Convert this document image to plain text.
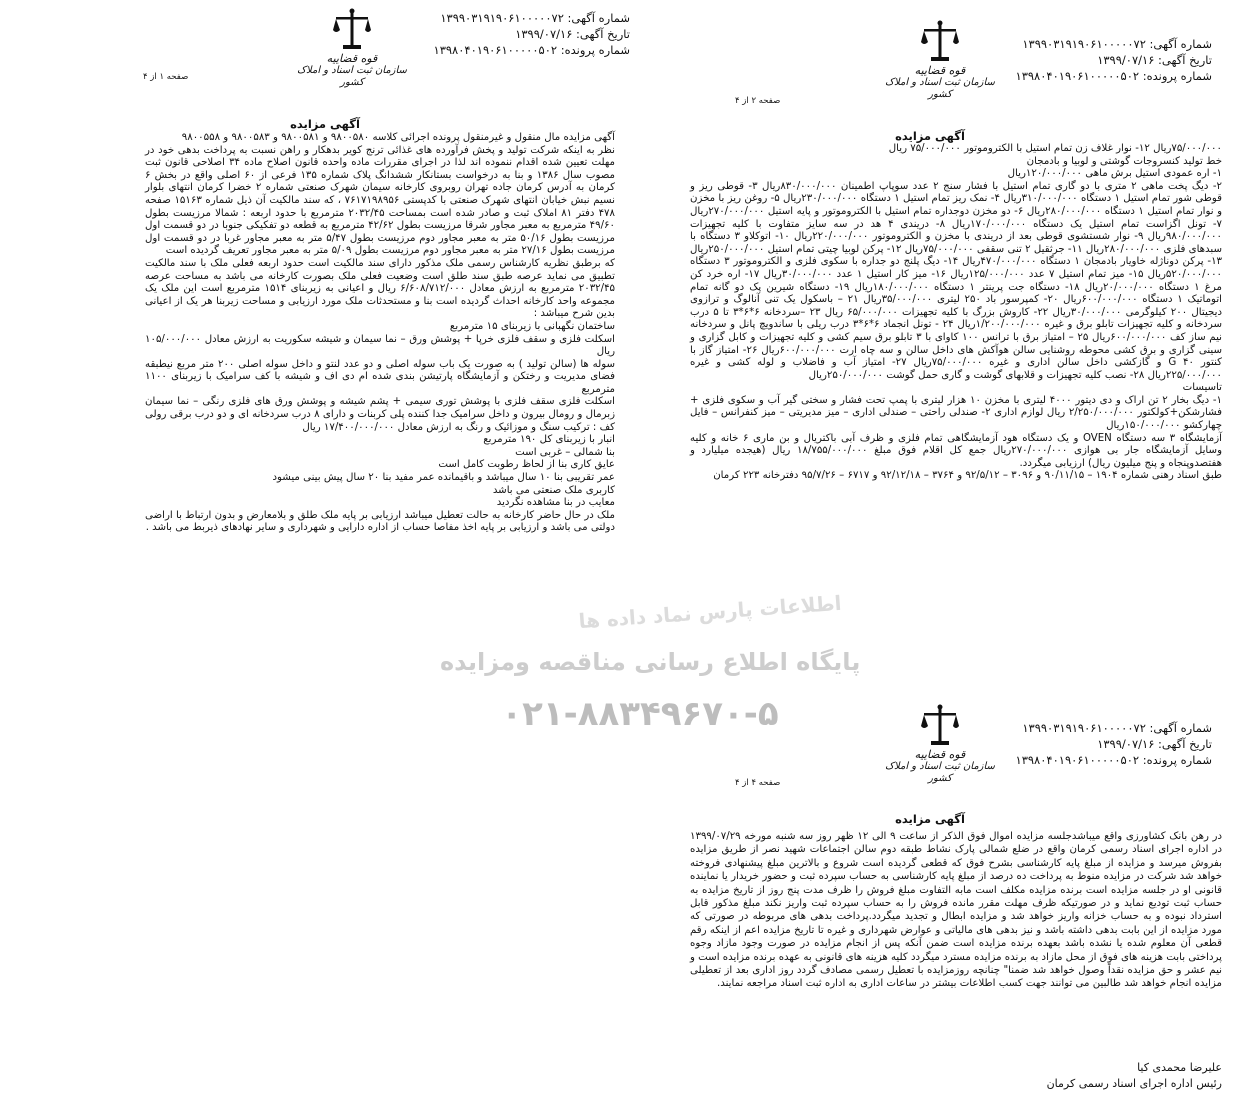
شماره آگهی: ۱۳۹۹۰۳۱۹۱۹۰۶۱۰۰۰۰۰۷۲
تاریخ آگهی: ۱۳۹۹/۰۷/۱۶
شماره پرونده: ۱۳۹۸۰۴۰۱۹۰۶۱۰۰۰۰۰۵۰۲
قوه قضاییه
سازمان ثبت اسناد و املاک کشور
صفحه ۱ از ۴
آگهی مزایده

آگهی مزایده مال منقول و غیرمنقول پرونده اجرائی کلاسه ۹۸۰۰۵۸۰ و ۹۸۰۰۵۸۱ و ۹۸۰۰۵۸۳ و ۹۸۰۰۵۵۸

نظر به اینکه شرکت تولید و پخش فرآورده های غذائی ترنج کویر بدهکار و راهن نسبت به پرداخت بدهی خود در مهلت تعیین شده اقدام ننموده اند لذا در اجرای مقررات ماده واحده قانون اصلاح ماده ۳۴ اصلاحی قانون ثبت مصوب سال ۱۳۸۶ و بنا به درخواست بستانکار ششدانگ پلاک شماره ۱۳۵ فرعی از ۶۰ اصلی واقع در بخش ۶ کرمان به آدرس کرمان جاده تهران روبروی کارخانه سیمان شهرک صنعتی شماره ۲ خضرا کرمان انتهای بلوار نسیم نبش خیابان انتهای شهرک صنعتی با کدپستی ۷۶۱۷۱۹۸۹۵۶ ، که سند مالکیت آن ذیل شماره ۱۵۱۶۳ صفحه ۴۷۸ دفتر ۸۱ املاک ثبت و صادر شده است بمساحت ۲۰۳۲/۴۵ مترمربع با حدود اربعه : شمالا مرزیست بطول ۴۹/۶۰ مترمربع به معبر مجاور شرقا مرزیست بطول ۴۲/۶۲ مترمربع به قطعه دو تفکیکی جنوبا در دو قسمت اول مرزیست بطول ۵۰/۱۶ متر به معبر مجاور دوم مرزیست بطول ۵/۴۷ متر به معبر مجاور غربا در دو قسمت اول مرزیست بطول ۲۷/۱۶ متر به معبر مجاور دوم مرزیست بطول ۵/۰۹ متر به معبر مجاور تعریف گردیده است

که برطبق نظریه کارشناس رسمی ملک مذکور دارای سند مالکیت است حدود اربعه فعلی ملک با سند مالکیت تطبیق می نماید عرصه طبق سند طلق است وضعیت فعلی ملک بصورت کارخانه می باشد به مساحت عرصه ۲۰۳۲/۴۵ مترمربع به ارزش معادل ۶/۶۰۸/۷۱۲/۰۰۰ ریال و اعیانی به زیربنای ۱۵۱۴ مترمربع است این ملک یک مجموعه واحد کارخانه احداث گردیده است بنا و مستحدثات ملک مورد ارزیابی و مساحت زیربنا هر یک از اعیانی بدین شرح میباشد :

ساختمان نگهبانی با زیربنای ۱۵ مترمربع

اسکلت فلزی و سقف فلزی خرپا + پوشش ورق – نما سیمان و شیشه سکوریت به ارزش معادل ۱۰۵/۰۰۰/۰۰۰ ریال

سوله ها (سالن تولید ) به صورت یک باب سوله اصلی و دو عدد لنتو و داخل سوله اصلی ۲۰۰ متر مربع نیطبقه فضای مدیریت و رختکن و آزمایشگاه پارتیشن بندی شده ام دی اف و شیشه با کف سرامیک با زیربنای ۱۱۰۰ مترمربع

اسکلت فلزی سقف فلزی با پوشش توری سیمی + پشم شیشه و پوشش ورق های فلزی رنگی – نما سیمان زبرمال و رومال بیرون و داخل سرامیک جدا کننده پلی کربنات و دارای ۸ درب سردخانه ای و دو درب برقی رولی کف : ترکیب سنگ و موزائیک و رنگ به ارزش معادل ۱۷/۴۰۰/۰۰۰/۰۰۰ ریال

انبار با زیربنای کل ۱۹۰ مترمربع

بنا شمالی – غربی است

عایق کاری بنا از لحاظ رطوبت کامل است

عمر تقریبی بنا ۱۰ سال میباشد و باقیمانده عمر مفید بنا ۲۰ سال پیش بینی میشود

کاربری ملک صنعتی می باشد

معایب در بنا مشاهده نگردید

ملک در حال حاضر کارخانه به حالت تعطیل میباشد ارزیابی بر پایه ملک طلق و بلامعارض و بدون ارتباط با اراضی دولتی می باشد و ارزیابی بر پایه اخذ مفاصا حساب از اداره دارایی و شهرداری و سایر نهادهای ذیربط می باشد .

شماره آگهی: ۱۳۹۹۰۳۱۹۱۹۰۶۱۰۰۰۰۰۷۲
تاریخ آگهی: ۱۳۹۹/۰۷/۱۶
شماره پرونده: ۱۳۹۸۰۴۰۱۹۰۶۱۰۰۰۰۰۵۰۲
قوه قضاییه
سازمان ثبت اسناد و املاک کشور
صفحه ۲ از ۴
آگهی مزایده

۷۵/۰۰۰/۰۰۰ریال ۱۲- نوار غلاف زن تمام استیل با الکتروموتور ۷۵/۰۰۰/۰۰۰ ریال

خط تولید کنسروجات گوشتی و لوبیا و بادمجان

۱- اره عمودی استیل برش ماهی ۱۲۰/۰۰۰/۰۰۰ریال

۲- دیگ پخت ماهی ۲ متری با دو گاری تمام استیل با فشار سنج ۲ عدد سوپاپ اطمینان ۸۳۰/۰۰۰/۰۰۰ریال ۳- قوطی ریز و قوطی شور تمام استیل ۱ دستگاه ۳۱۰/۰۰۰/۰۰۰ریال ۴- نمک ریز تمام استیل ۱ دستگاه ۲۳۰/۰۰۰/۰۰۰ریال ۵- روغن ریز با مخزن و نوار تمام استیل ۱ دستگاه ۲۸۰/۰۰۰/۰۰۰ریال ۶- دو مخزن دوجداره تمام استیل با الکتروموتور و پایه استیل ۲۷۰/۰۰۰/۰۰۰ریال ۷- تونل اگزاست تمام استیل یک دستگاه ۱۷۰/۰۰۰/۰۰۰ریال ۸- دریندی ۴ هد در سه سایز متفاوت با کلیه تجهیزات ۹۸۰/۰۰۰/۰۰۰ریال ۹- نوار شستشوی قوطی بعد از دریندی با مخزن و الکتروموتور ۲۲۰/۰۰۰/۰۰۰ریال ۱۰- اتوکلاو ۳ دستگاه با سبدهای فلزی ۲۸۰/۰۰۰/۰۰۰ریال ۱۱- جرثقیل ۲ تنی سقفی ۷۵/۰۰۰/۰۰۰ریال ۱۲- پرکن لوبیا چیتی تمام استیل ۲۵۰/۰۰۰/۰۰۰ریال ۱۳- پرکن دوناژله خاویار بادمجان ۱ دستگاه ۴۷۰/۰۰۰/۰۰۰ریال ۱۴- دیگ پلنج دو جداره با سکوی فلزی و الکتروموتور ۳ دستگاه ۵۲۰/۰۰۰/۰۰۰ریال ۱۵- میز تمام استیل ۷ عدد ۱۲۵/۰۰۰/۰۰۰ریال ۱۶- میز کار استیل ۱ عدد ۳۰/۰۰۰/۰۰۰ریال ۱۷- اره خرد کن مرغ ۱ دستگاه ۲۰/۰۰۰/۰۰۰ریال ۱۸- دستگاه جت پرینتر ۱ دستگاه ۱۸۰/۰۰۰/۰۰۰ریال ۱۹- دستگاه شیرین پک دو گانه تمام اتوماتیک ۱ دستگاه ۶۰۰/۰۰۰/۰۰۰ریال ۲۰- کمپرسور باد ۲۵۰ لیتری ۳۵/۰۰۰/۰۰۰ریال ۲۱ – باسکول یک تنی آنالوگ و ترازوی دیجیتال ۲۰۰ کیلوگرمی ۳۰/۰۰۰/۰۰۰ریال ۲۲- کاروش بزرگ با کلیه تجهیزات ۶۵/۰۰۰/۰۰۰ ریال ۲۳ –سردخانه ۶*۶*۳ تا ۵ درب سردخانه و کلیه تجهیزات تابلو برق و غیره ۱/۲۰۰/۰۰۰/۰۰۰ریال ۲۴ - تونل انجماد ۶*۶*۳ درب ریلی با ساندویچ پانل و سردخانه نیم ساز کف ۶۰۰/۰۰۰/۰۰۰ریال ۲۵ – امتیاز برق با ترانس ۱۰۰ کاوای با ۳ تابلو برق سیم کشی و کلیه تجهیزات و کابل گزاری و سینی گزاری و برق کشی محوطه روشنایی سالن هوآکش های داخل سالن و سه چاه ارت ۶۰۰/۰۰۰/۰۰۰ریال ۲۶- امتیاز گاز با کنتور G ۴۰ و گازکشی داخل سالن اداری و غیره ۷۵/۰۰۰/۰۰۰ریال ۲۷- امتیاز آب و فاضلاب و لوله کشی و غیره ۲۲۵/۰۰۰/۰۰۰ریال ۲۸- نصب کلیه تجهیزات و قلابهای گوشت و گاری حمل گوشت ۲۵۰/۰۰۰/۰۰۰ریال

تاسیسات

۱- دیگ بخار ۲ تن اراک و دی دیتور ۴۰۰۰ لیتری با مخزن ۱۰ هزار لیتری با پمپ تحت فشار و سختی گیر آب و سکوی فلزی + فشارشکن+کولکتور ۲/۲۵۰/۰۰۰/۰۰۰ ریال لوازم اداری ۲- صندلی راحتی – صندلی اداری – میز مدیریتی – میز کنفرانس – فایل چهارکشو ۱۵۰/۰۰۰/۰۰۰ریال

آزمایشگاه ۳ سه دستگاه OVEN و یک دستگاه هود آزمایشگاهی تمام فلزی و ظرف آبی باکتریال و بن ماری ۶ خانه و کلیه وسایل آزمایشگاه جار بی هوازی ۲۷۰/۰۰۰/۰۰۰ریال جمع کل اقلام فوق مبلغ ۱۸/۷۵۵/۰۰۰/۰۰۰ ریال (هیجده میلیارد و هفتصدوپنجاه و پنج میلیون ریال) ارزیابی میگردد.

طبق اسناد رهنی شماره ۱۹۰۴ – ۹۰/۱۱/۱۵ و ۳۰۹۶ – ۹۲/۵/۱۲ و ۳۷۶۴ – ۹۲/۱۲/۱۸ و ۶۷۱۷ – ۹۵/۷/۲۶ دفترخانه ۲۲۳ کرمان

شماره آگهی: ۱۳۹۹۰۳۱۹۱۹۰۶۱۰۰۰۰۰۷۲
تاریخ آگهی: ۱۳۹۹/۰۷/۱۶
شماره پرونده: ۱۳۹۸۰۴۰۱۹۰۶۱۰۰۰۰۰۵۰۲
قوه قضاییه
سازمان ثبت اسناد و املاک کشور
صفحه ۴ از ۴
آگهی مزایده

در رهن بانک کشاورزی واقع میباشدجلسه مزایده اموال فوق الذکر از ساعت ۹ الی ۱۲ ظهر روز سه شنبه مورخه ۱۳۹۹/۰۷/۲۹ در اداره اجرای اسناد رسمی کرمان واقع در ضلع شمالی پارک نشاط طبقه دوم سالن اجتماعات شهید نصر از طریق مزایده بفروش میرسد و مزایده از مبلغ پایه کارشناسی بشرح فوق که قطعی گردیده است شروع و بالاترین مبلغ پیشنهادی فروخته خواهد شد شرکت در مزایده منوط به پرداخت ده درصد از مبلغ پایه کارشناسی به حساب سپرده ثبت و حضور خریدار یا نماینده قانونی او در جلسه مزایده است برنده مزایده مکلف است مابه التفاوت مبلغ فروش را ظرف مدت پنج روز از تاریخ مزایده به حساب ثبت تودیع نماید و در صورتیکه ظرف مهلت مقرر مانده فروش را به حساب سپرده ثبت واریز نکند مبلغ مذکور قابل استرداد نبوده و به حساب خزانه واریز خواهد شد و مزایده ابطال و تجدید میگردد.پرداخت بدهی های مربوطه در صورتی که مورد مزایده از این بابت بدهی داشته باشد و نیز بدهی های مالیاتی و عوارض شهرداری و غیره تا تاریخ مزایده اعم از اینکه رقم قطعی آن معلوم شده یا نشده باشد بعهده برنده مزایده است ضمن آنکه پس از انجام مزایده در صورت وجود مازاد وجوه پرداختی بابت هزینه های فوق از محل مازاد به برنده مزایده مسترد میگردد کلیه هزینه های قانونی به عهده برنده مزایده است و نیم عشر و حق مزایده نقداً وصول خواهد شد ضمنا" چنانچه روزمزایده با تعطیل رسمی مصادف گردد روز اداری بعد از تعطیلی مزایده انجام خواهد شد طالبین می توانند جهت کسب اطلاعات بیشتر در ساعات اداری به اداره ثبت اسناد مراجعه نمایند.

علیرضا محمدی کیا
رئیس اداره اجرای اسناد رسمی کرمان
اطلاعات پارس نماد داده ها
پایگاه اطلاع رسانی مناقصه ومزایده
۰۲۱-۸۸۳۴۹۶۷۰-۵
